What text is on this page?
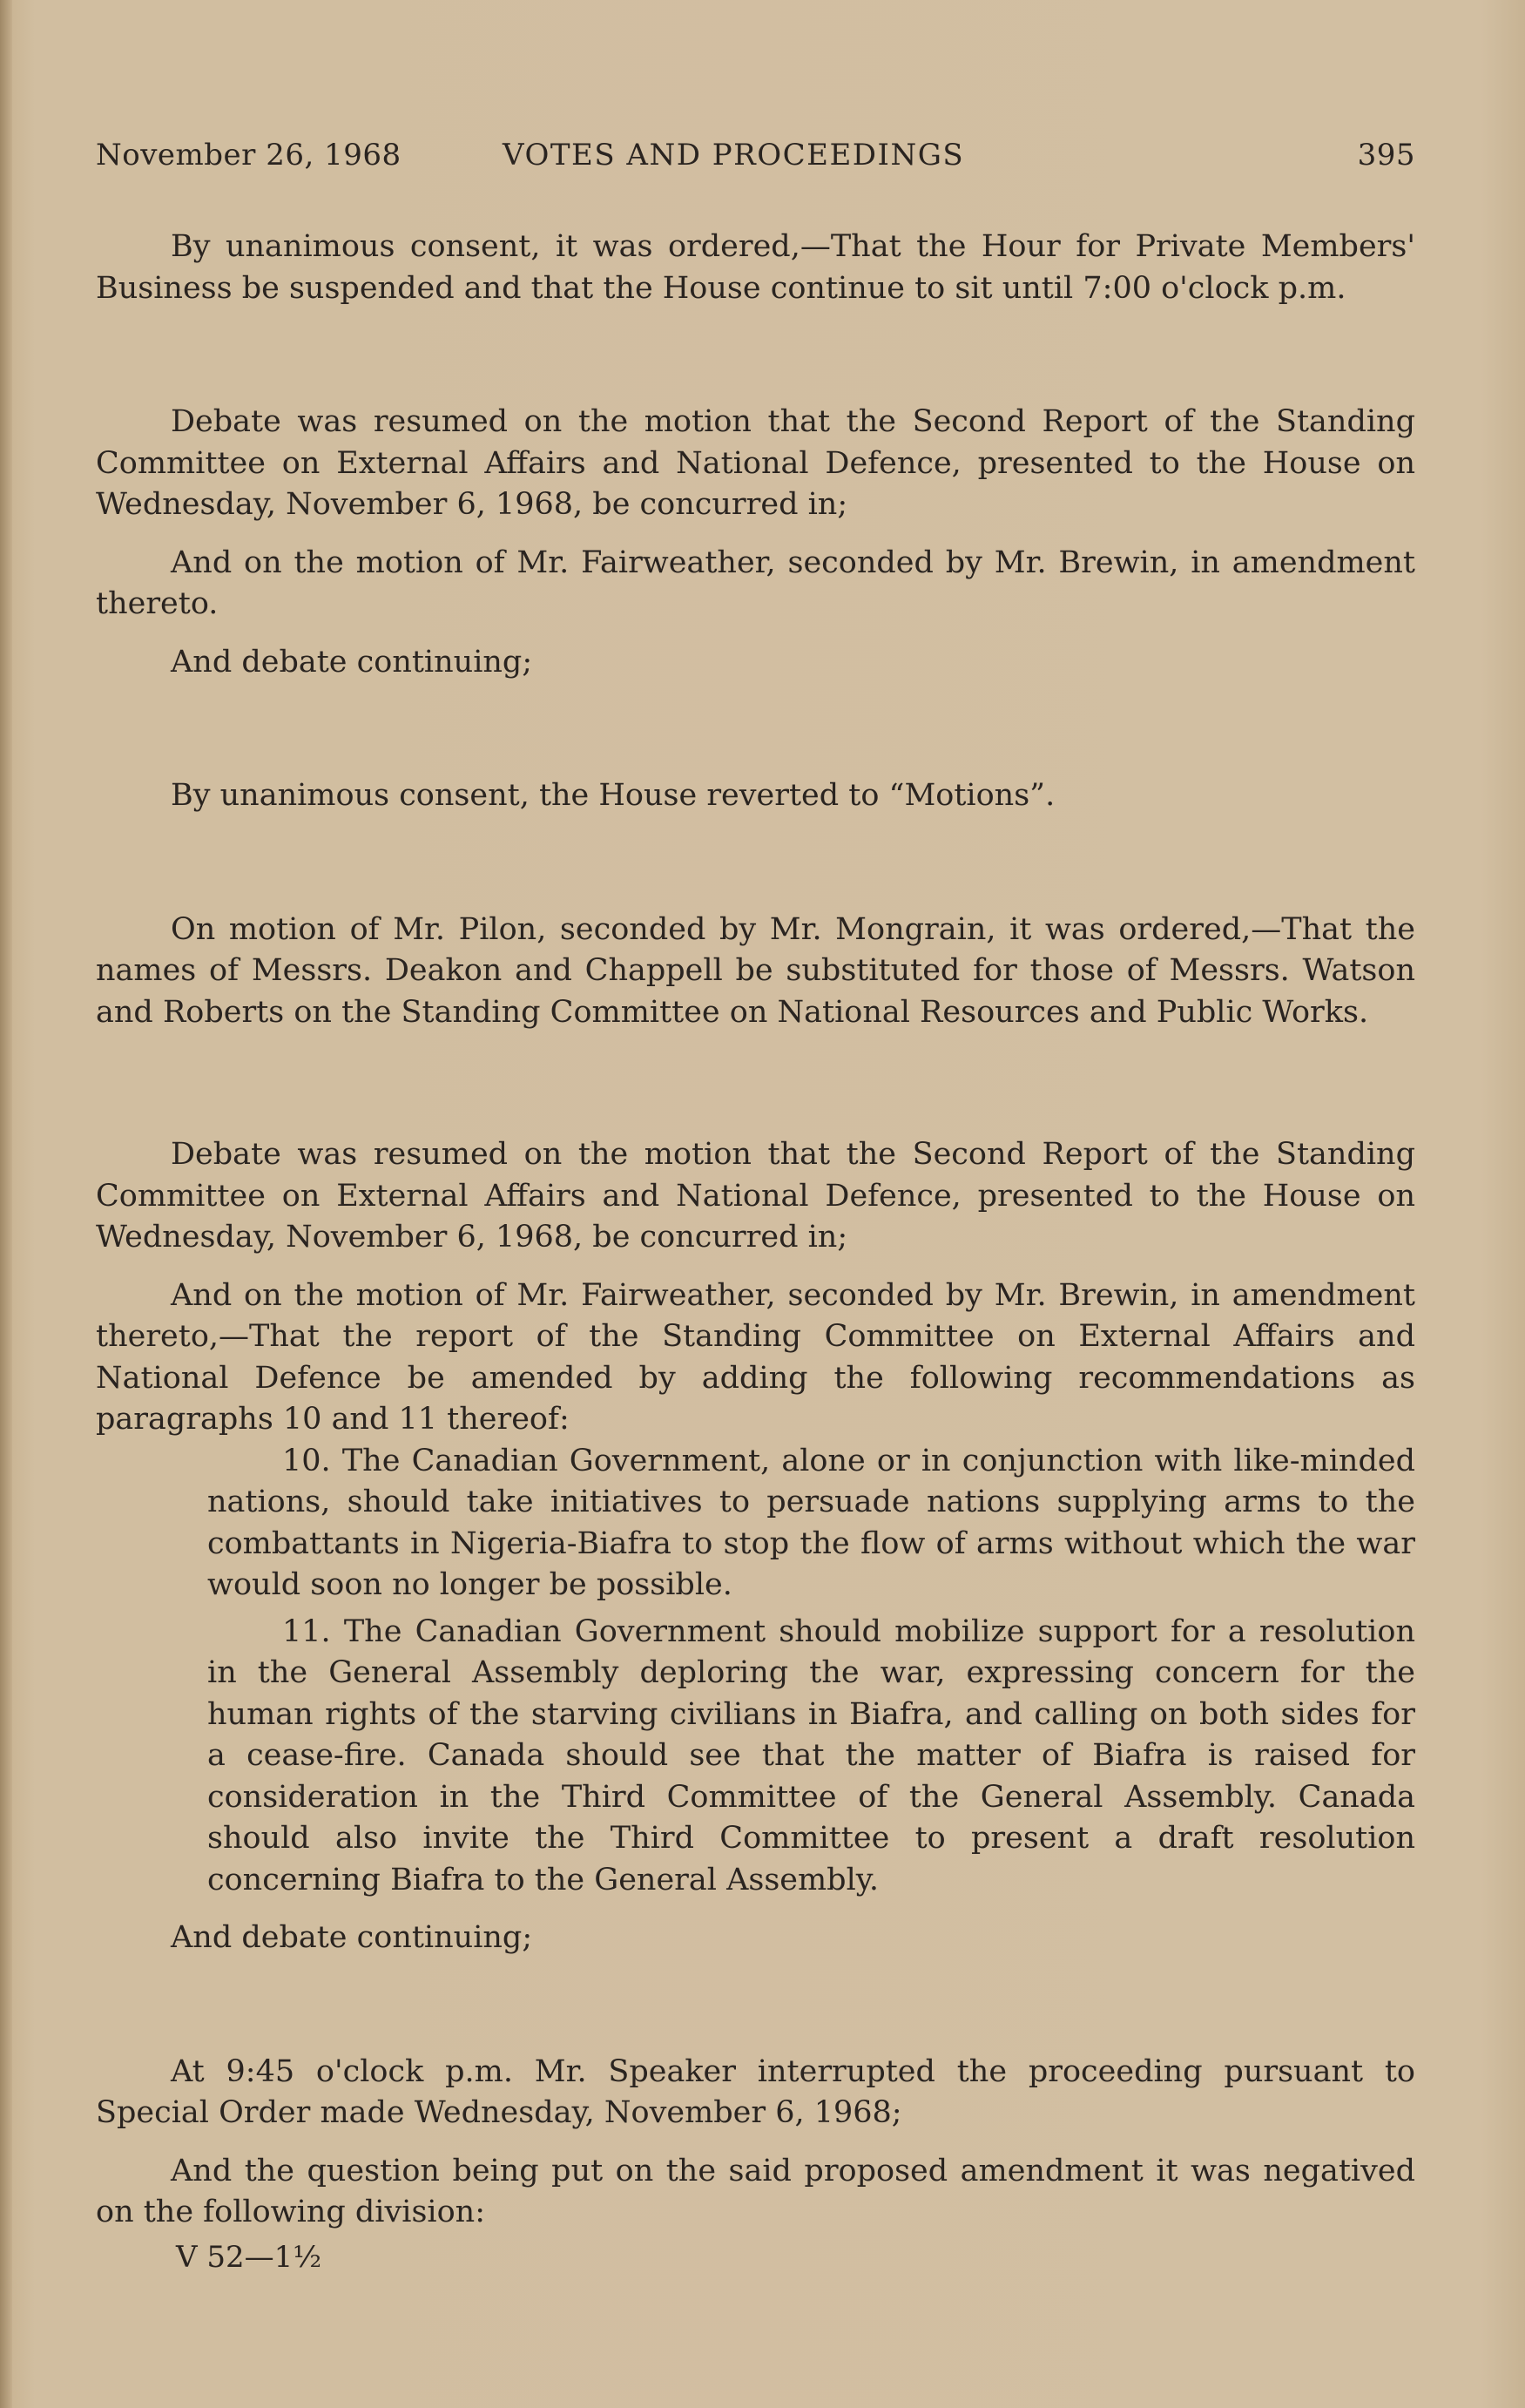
November 26, 1968	VOTES AND PROCEEDINGS	395

By unanimous consent, it was ordered,—That the Hour for Private Members' Business be suspended and that the House continue to sit until 7:00 o'clock p.m.

Debate was resumed on the motion that the Second Report of the Standing Committee on External Affairs and National Defence, presented to the House on Wednesday, November 6, 1968, be concurred in;

And on the motion of Mr. Fairweather, seconded by Mr. Brewin, in amendment thereto.

And debate continuing;

By unanimous consent, the House reverted to “Motions”.

On motion of Mr. Pilon, seconded by Mr. Mongrain, it was ordered,—That the names of Messrs. Deakon and Chappell be substituted for those of Messrs. Watson and Roberts on the Standing Committee on National Resources and Public Works.

Debate was resumed on the motion that the Second Report of the Standing Committee on External Affairs and National Defence, presented to the House on Wednesday, November 6, 1968, be concurred in;

And on the motion of Mr. Fairweather, seconded by Mr. Brewin, in amendment thereto,—That the report of the Standing Committee on External Affairs and National Defence be amended by adding the following recommendations as paragraphs 10 and 11 thereof:

10. The Canadian Government, alone or in conjunction with like-minded nations, should take initiatives to persuade nations supplying arms to the combattants in Nigeria-Biafra to stop the flow of arms without which the war would soon no longer be possible.

11. The Canadian Government should mobilize support for a resolution in the General Assembly deploring the war, expressing concern for the human rights of the starving civilians in Biafra, and calling on both sides for a cease-fire. Canada should see that the matter of Biafra is raised for consideration in the Third Committee of the General Assembly. Canada should also invite the Third Committee to present a draft resolution concerning Biafra to the General Assembly.

And debate continuing;

At 9:45 o'clock p.m. Mr. Speaker interrupted the proceeding pursuant to Special Order made Wednesday, November 6, 1968;

And the question being put on the said proposed amendment it was negatived on the following division:

V 52—1½
